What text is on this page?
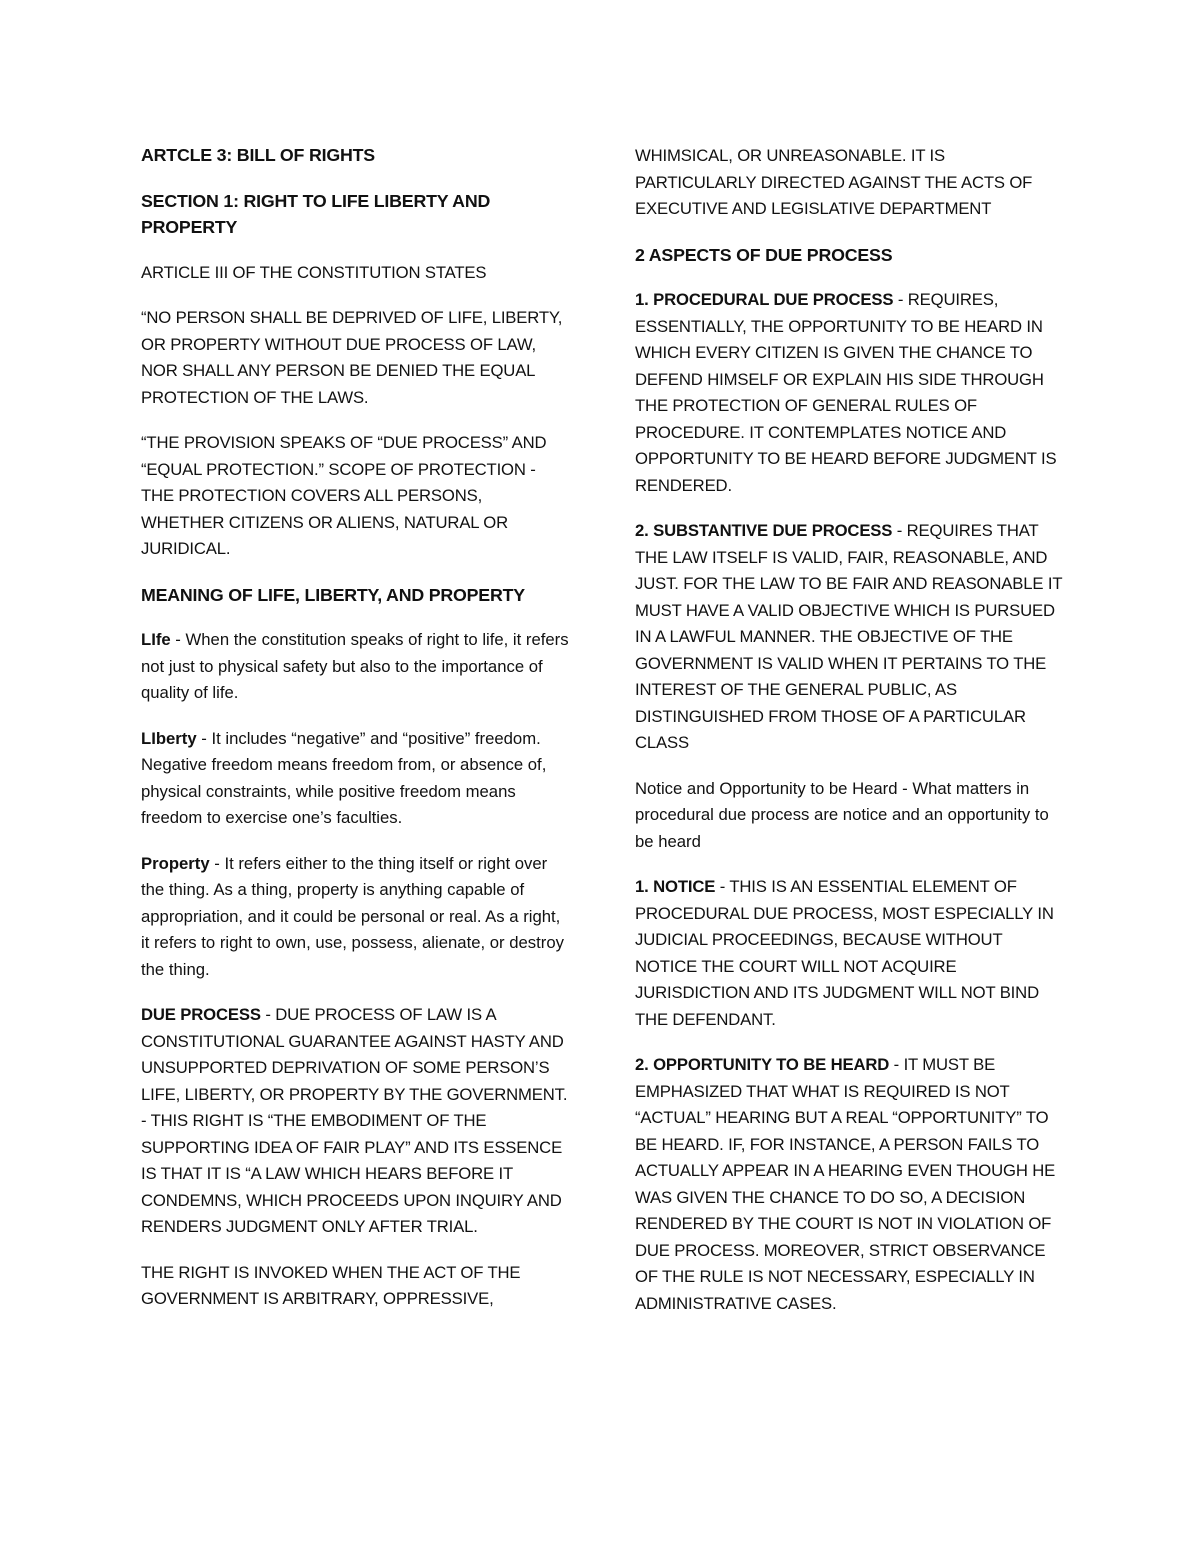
ARTCLE 3: BILL OF RIGHTS

SECTION 1: RIGHT TO LIFE LIBERTY AND PROPERTY

ARTICLE III OF THE CONSTITUTION STATES

“NO PERSON SHALL BE DEPRIVED OF LIFE, LIBERTY, OR PROPERTY WITHOUT DUE PROCESS OF LAW, NOR SHALL ANY PERSON BE DENIED THE EQUAL PROTECTION OF THE LAWS.

“THE PROVISION SPEAKS OF “DUE PROCESS” AND “EQUAL PROTECTION.” SCOPE OF PROTECTION - THE PROTECTION COVERS ALL PERSONS, WHETHER CITIZENS OR ALIENS, NATURAL OR JURIDICAL.

MEANING OF LIFE, LIBERTY, AND PROPERTY

LIfe - When the constitution speaks of right to life, it refers not just to physical safety but also to the importance of quality of life.

LIberty - It includes “negative” and “positive” freedom. Negative freedom means freedom from, or absence of, physical constraints, while positive freedom means freedom to exercise one’s faculties.

Property - It refers either to the thing itself or right over the thing. As a thing, property is anything capable of appropriation, and it could be personal or real. As a right, it refers to right to own, use, possess, alienate, or destroy the thing.

DUE PROCESS - DUE PROCESS OF LAW IS A CONSTITUTIONAL GUARANTEE AGAINST HASTY AND UNSUPPORTED DEPRIVATION OF SOME PERSON’S LIFE, LIBERTY, OR PROPERTY BY THE GOVERNMENT. - THIS RIGHT IS “THE EMBODIMENT OF THE SUPPORTING IDEA OF FAIR PLAY” AND ITS ESSENCE IS THAT IT IS “A LAW WHICH HEARS BEFORE IT CONDEMNS, WHICH PROCEEDS UPON INQUIRY AND RENDERS JUDGMENT ONLY AFTER TRIAL.

THE RIGHT IS INVOKED WHEN THE ACT OF THE GOVERNMENT IS ARBITRARY, OPPRESSIVE,

WHIMSICAL, OR UNREASONABLE. IT IS PARTICULARLY DIRECTED AGAINST THE ACTS OF EXECUTIVE AND LEGISLATIVE DEPARTMENT

2 ASPECTS OF DUE PROCESS

1. PROCEDURAL DUE PROCESS - REQUIRES, ESSENTIALLY, THE OPPORTUNITY TO BE HEARD IN WHICH EVERY CITIZEN IS GIVEN THE CHANCE TO DEFEND HIMSELF OR EXPLAIN HIS SIDE THROUGH THE PROTECTION OF GENERAL RULES OF PROCEDURE. IT CONTEMPLATES NOTICE AND OPPORTUNITY TO BE HEARD BEFORE JUDGMENT IS RENDERED.

2. SUBSTANTIVE DUE PROCESS - REQUIRES THAT THE LAW ITSELF IS VALID, FAIR, REASONABLE, AND JUST. FOR THE LAW TO BE FAIR AND REASONABLE IT MUST HAVE A VALID OBJECTIVE WHICH IS PURSUED IN A LAWFUL MANNER. THE OBJECTIVE OF THE GOVERNMENT IS VALID WHEN IT PERTAINS TO THE INTEREST OF THE GENERAL PUBLIC, AS DISTINGUISHED FROM THOSE OF A PARTICULAR CLASS

Notice and Opportunity to be Heard - What matters in procedural due process are notice and an opportunity to be heard

1. NOTICE - THIS IS AN ESSENTIAL ELEMENT OF PROCEDURAL DUE PROCESS, MOST ESPECIALLY IN JUDICIAL PROCEEDINGS, BECAUSE WITHOUT NOTICE THE COURT WILL NOT ACQUIRE JURISDICTION AND ITS JUDGMENT WILL NOT BIND THE DEFENDANT.

2. OPPORTUNITY TO BE HEARD - IT MUST BE EMPHASIZED THAT WHAT IS REQUIRED IS NOT “ACTUAL” HEARING BUT A REAL “OPPORTUNITY” TO BE HEARD. IF, FOR INSTANCE, A PERSON FAILS TO ACTUALLY APPEAR IN A HEARING EVEN THOUGH HE WAS GIVEN THE CHANCE TO DO SO, A DECISION RENDERED BY THE COURT IS NOT IN VIOLATION OF DUE PROCESS. MOREOVER, STRICT OBSERVANCE OF THE RULE IS NOT NECESSARY, ESPECIALLY IN ADMINISTRATIVE CASES.
